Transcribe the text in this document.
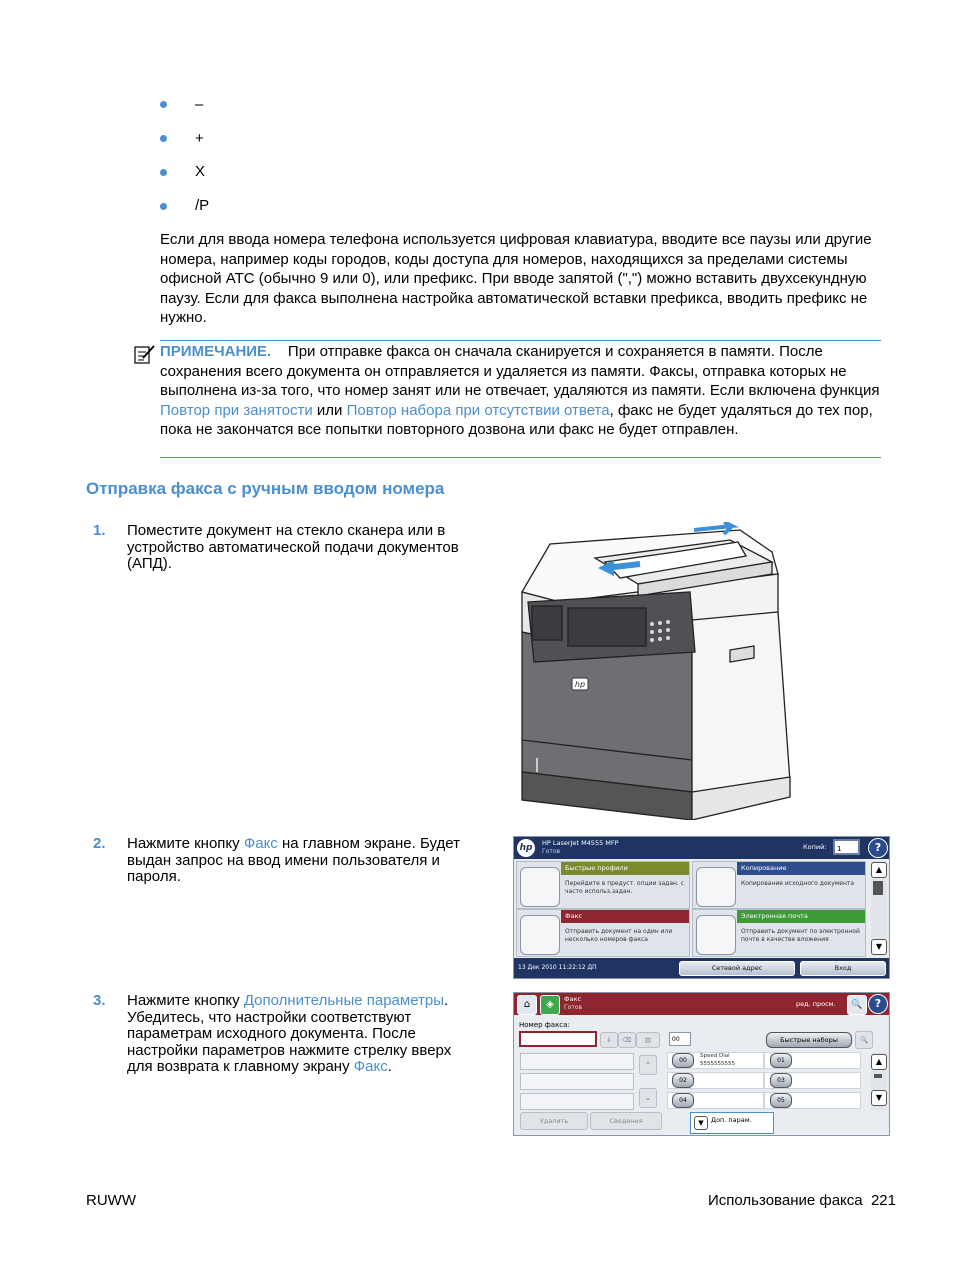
–
+
X
/P
Если для ввода номера телефона используется цифровая клавиатура, вводите все паузы или другие номера, например коды городов, коды доступа для номеров, находящихся за пределами системы офисной АТС (обычно 9 или 0), или префикс. При вводе запятой (",") можно вставить двухсекундную паузу. Если для факса выполнена настройка автоматической вставки префикса, вводить префикс не нужно.
ПРИМЕЧАНИЕ. При отправке факса он сначала сканируется и сохраняется в памяти. После сохранения всего документа он отправляется и удаляется из памяти. Факсы, отправка которых не выполнена из-за того, что номер занят или не отвечает, удаляются из памяти. Если включена функция Повтор при занятости или Повтор набора при отсутствии ответа, факс не будет удаляться до тех пор, пока не закончатся все попытки повторного дозвона или факс не будет отправлен.
Отправка факса с ручным вводом номера
1. Поместите документ на стекло сканера или в устройство автоматической подачи документов (АПД).
2. Нажмите кнопку Факс на главном экране. Будет выдан запрос на ввод имени пользователя и пароля.
3. Нажмите кнопку Дополнительные параметры. Убедитесь, что настройки соответствуют параметрам исходного документа. После настройки параметров нажмите стрелку вверх для возврата к главному экрану Факс.
hp
hp	HP LaserJet M4555 MFP
Готов
Копий:	1	?
Быстрые профили
Перейдите в предуст. опции задан. с часто использ.задан.
Копирование
Копирование исходного документа
Факс
Отправить документ на один или несколько номеров факса
Электронная почта
Отправить документ по электронной почте в качестве вложения
▲
▼
13 Дек 2010 11:22:12 ДП	Сетевой адрес	Вход
⌂	◈	Факс
Готов	ред. просм.	🔍	?
Номер факса:
⇓	⌫	▤
⌃
⌄
Удалить	Сведения
00	Быстрые наборы	🔍
00	01
02	03
04	05
Speed Dial
5555555555	▲
▼
▼	Доп. парам.
RUWW	Использование факса 221
